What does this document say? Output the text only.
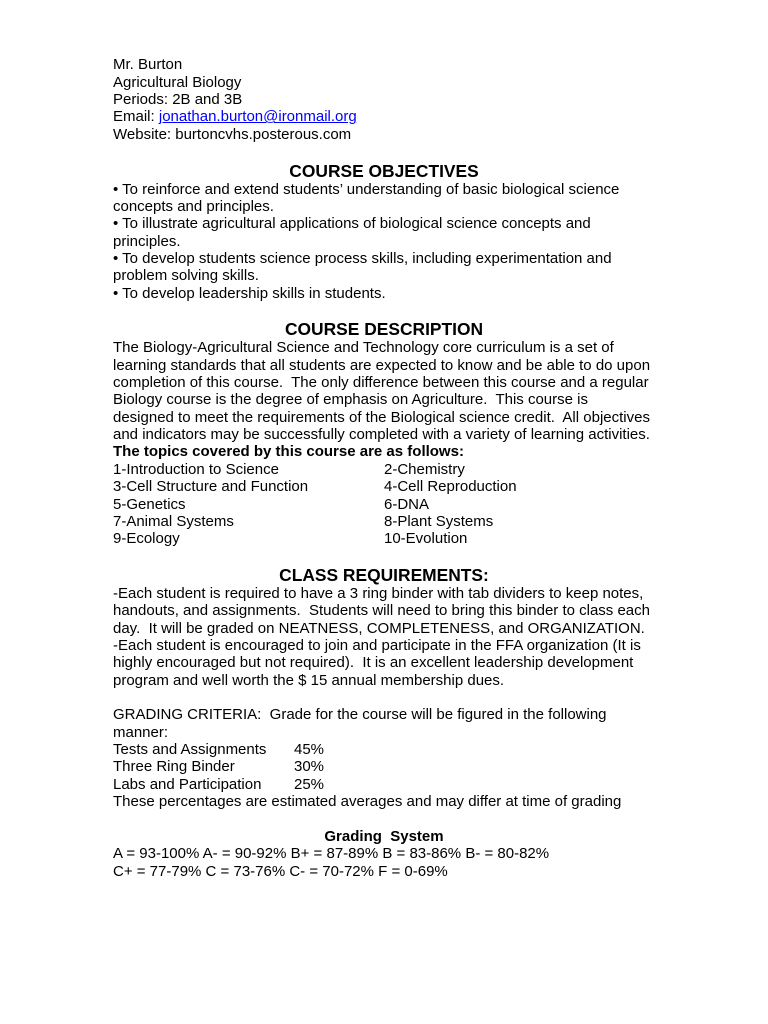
Mr. Burton
Agricultural Biology
Periods: 2B and 3B
Email: jonathan.burton@ironmail.org
Website: burtoncvhs.posterous.com
COURSE OBJECTIVES
• To reinforce and extend students’ understanding of basic biological science
concepts and principles.
• To illustrate agricultural applications of biological science concepts and
principles.
• To develop students science process skills, including experimentation and
problem solving skills.
• To develop leadership skills in students.
COURSE DESCRIPTION
The Biology-Agricultural Science and Technology core curriculum is a set of
learning standards that all students are expected to know and be able to do upon
completion of this course.  The only difference between this course and a regular
Biology course is the degree of emphasis on Agriculture.  This course is
designed to meet the requirements of the Biological science credit.  All objectives
and indicators may be successfully completed with a variety of learning activities.
The topics covered by this course are as follows:
1-Introduction to Science	2-Chemistry
3-Cell Structure and Function	4-Cell Reproduction
5-Genetics	6-DNA
7-Animal Systems	8-Plant Systems
9-Ecology	10-Evolution
CLASS REQUIREMENTS:
-Each student is required to have a 3 ring binder with tab dividers to keep notes,
handouts, and assignments.  Students will need to bring this binder to class each
day.  It will be graded on NEATNESS, COMPLETENESS, and ORGANIZATION.
-Each student is encouraged to join and participate in the FFA organization (It is
highly encouraged but not required).  It is an excellent leadership development
program and well worth the $ 15 annual membership dues.
GRADING CRITERIA:  Grade for the course will be figured in the following
manner:
Tests and Assignments	45%
Three Ring Binder	30%
Labs and Participation	25%
These percentages are estimated averages and may differ at time of grading
Grading  System
A = 93-100% A- = 90-92% B+ = 87-89% B = 83-86% B- = 80-82%
C+ = 77-79% C = 73-76% C- = 70-72% F = 0-69%
